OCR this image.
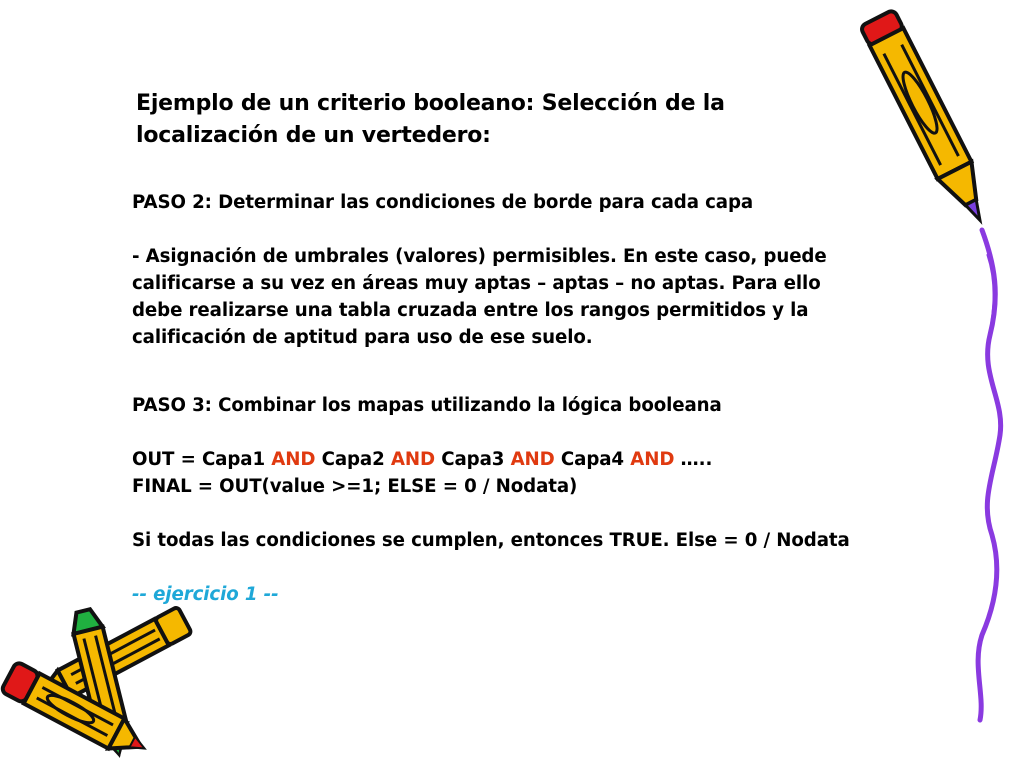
Ejemplo de un criterio booleano: Selección de la
localización de un vertedero:

PASO 2: Determinar las condiciones de borde para cada capa

- Asignación de umbrales (valores) permisibles. En este caso, puede

calificarse a su vez en áreas muy aptas – aptas – no aptas. Para ello

debe realizarse una tabla cruzada entre los rangos permitidos y la

calificación de aptitud para uso de ese suelo.

PASO 3: Combinar los mapas utilizando la lógica booleana

OUT = Capa1 AND Capa2 AND Capa3 AND Capa4 AND …..

FINAL = OUT(value >=1; ELSE = 0 / Nodata)

Si todas las condiciones se cumplen, entonces TRUE. Else = 0 / Nodata

-- ejercicio 1 --
